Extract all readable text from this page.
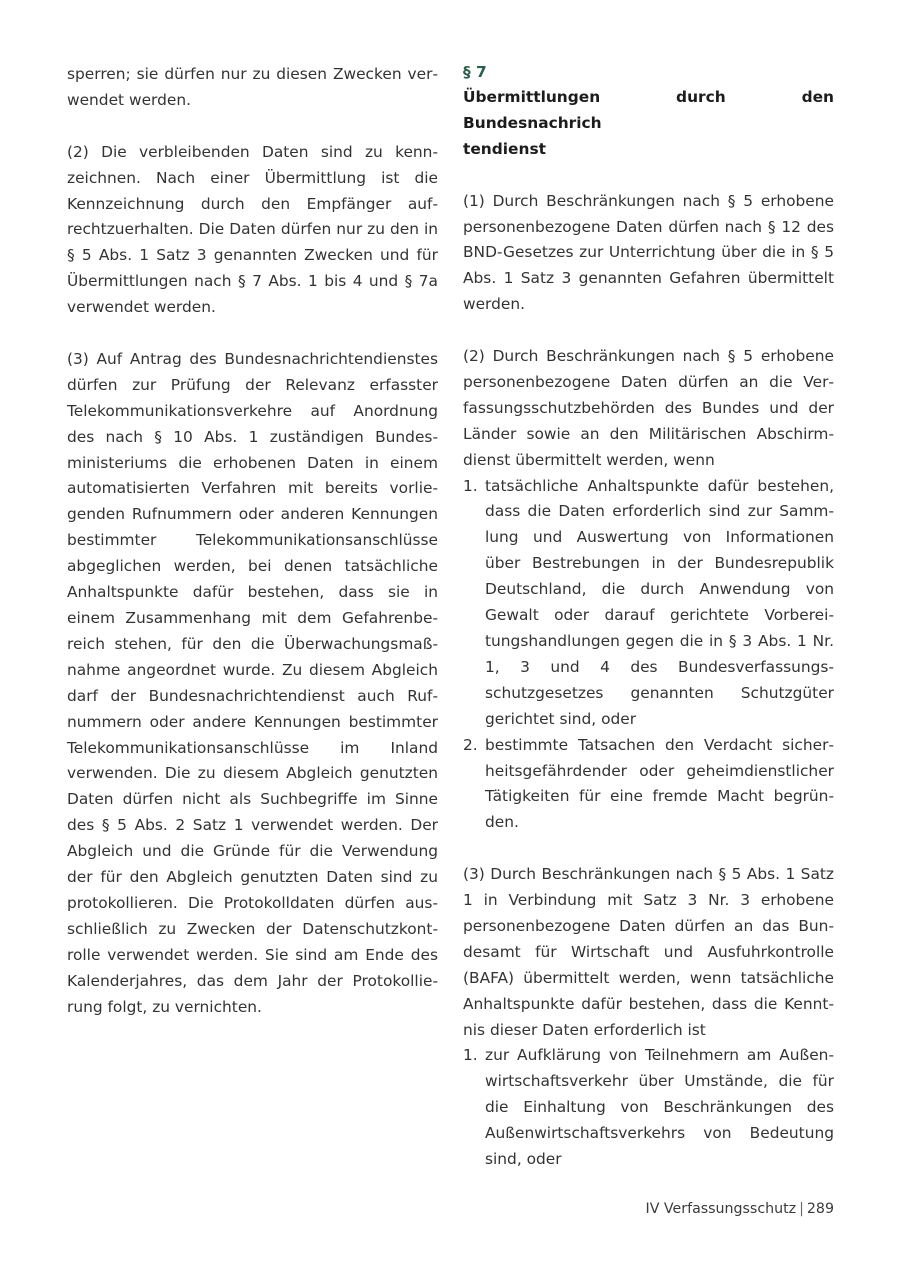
sperren; sie dürfen nur zu diesen Zwecken verwendet werden.

(2) Die verbleibenden Daten sind zu kennzeichnen. Nach einer Übermittlung ist die Kennzeichnung durch den Empfänger aufrechtzuerhalten. Die Daten dürfen nur zu den in § 5 Abs. 1 Satz 3 genannten Zwecken und für Übermittlungen nach § 7 Abs. 1 bis 4 und § 7a verwendet werden.

(3) Auf Antrag des Bundesnachrichtendienstes dürfen zur Prüfung der Relevanz erfasster Telekommunikationsverkehre auf Anordnung des nach § 10 Abs. 1 zuständigen Bundesministeriums die erhobenen Daten in einem automatisierten Verfahren mit bereits vorliegenden Rufnummern oder anderen Kennungen bestimmter Telekommunikationsanschlüsse abgeglichen werden, bei denen tatsächliche Anhaltspunkte dafür bestehen, dass sie in einem Zusammenhang mit dem Gefahrenbereich stehen, für den die Überwachungsmaßnahme angeordnet wurde. Zu diesem Abgleich darf der Bundesnachrichtendienst auch Rufnummern oder andere Kennungen bestimmter Telekommunikationsanschlüsse im Inland verwenden. Die zu diesem Abgleich genutzten Daten dürfen nicht als Suchbegriffe im Sinne des § 5 Abs. 2 Satz 1 verwendet werden. Der Abgleich und die Gründe für die Verwendung der für den Abgleich genutzten Daten sind zu protokollieren. Die Protokolldaten dürfen ausschließlich zu Zwecken der Datenschutzkontrolle verwendet werden. Sie sind am Ende des Kalenderjahres, das dem Jahr der Protokollierung folgt, zu vernichten.

§ 7
Übermittlungen durch den Bundesnachrich
tendienst

(1) Durch Beschränkungen nach § 5 erhobene personenbezogene Daten dürfen nach § 12 des BND-Gesetzes zur Unterrichtung über die in § 5 Abs. 1 Satz 3 genannten Gefahren übermittelt werden.

(2) Durch Beschränkungen nach § 5 erhobene personenbezogene Daten dürfen an die Verfassungsschutzbehörden des Bundes und der Länder sowie an den Militärischen Abschirmdienst übermittelt werden, wenn

1. tatsächliche Anhaltspunkte dafür bestehen, dass die Daten erforderlich sind zur Sammlung und Auswertung von Informationen über Bestrebungen in der Bundesrepublik Deutschland, die durch Anwendung von Gewalt oder darauf gerichtete Vorbereitungshandlungen gegen die in § 3 Abs. 1 Nr. 1, 3 und 4 des Bundesverfassungsschutzgesetzes genannten Schutzgüter gerichtet sind, oder
2. bestimmte Tatsachen den Verdacht sicherheitsgefährdender oder geheimdienstlicher Tätigkeiten für eine fremde Macht begründen.

(3) Durch Beschränkungen nach § 5 Abs. 1 Satz 1 in Verbindung mit Satz 3 Nr. 3 erhobene personenbezogene Daten dürfen an das Bundesamt für Wirtschaft und Ausfuhrkontrolle (BAFA) übermittelt werden, wenn tatsächliche Anhaltspunkte dafür bestehen, dass die Kenntnis dieser Daten erforderlich ist

1. zur Aufklärung von Teilnehmern am Außenwirtschaftsverkehr über Umstände, die für die Einhaltung von Beschränkungen des Außenwirtschaftsverkehrs von Bedeutung sind, oder
IV Verfassungsschutz | 289
